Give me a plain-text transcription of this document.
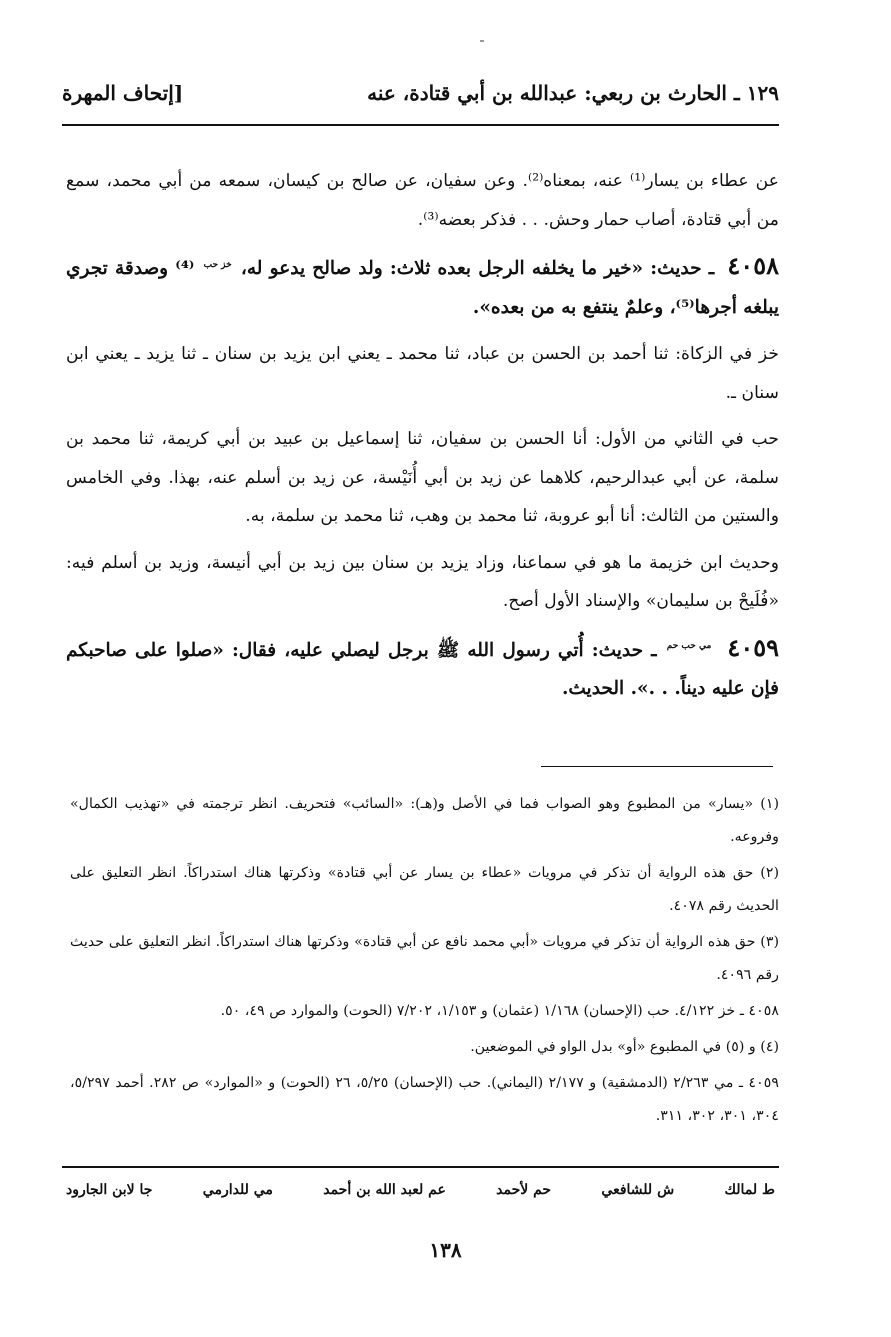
١٢٩ ـ الحارث بن ربعي: عبدالله بن أبي قتادة، عنه
[إتحاف المهرة

عن عطاء بن يسار⁽¹⁾ عنه، بمعناه⁽²⁾. وعن سفيان، عن صالح بن كيسان، سمعه من أبي محمد، سمع من أبي قتادة، أصاب حمار وحش. . . فذكر بعضه⁽³⁾.

٤٠٥٨ ـ حديث: «خير ما يخلفه الرجل بعده ثلاث: ولد صالح يدعو له، خز حب ⁽⁴⁾ وصدقة تجري يبلغه أجرها⁽⁵⁾، وعلمٌ ينتفع به من بعده».

خز في الزكاة: ثنا أحمد بن الحسن بن عباد، ثنا محمد ـ يعني ابن يزيد بن سنان ـ ثنا يزيد ـ يعني ابن سنان ـ.

حب في الثاني من الأول: أنا الحسن بن سفيان، ثنا إسماعيل بن عبيد بن أبي كريمة، ثنا محمد بن سلمة، عن أبي عبدالرحيم، كلاهما عن زيد بن أبي أُنَيْسة، عن زيد بن أسلم عنه، بهذا. وفي الخامس والستين من الثالث: أنا أبو عروبة، ثنا محمد بن وهب، ثنا محمد بن سلمة، به.

وحديث ابن خزيمة ما هو في سماعنا، وزاد يزيد بن سنان بين زيد بن أبي أنيسة، وزيد بن أسلم فيه: «فُلَيحْ بن سليمان» والإسناد الأول أصح.

٤٠٥٩ مي حب حم ـ حديث: أُتي رسول الله ﷺ برجل ليصلي عليه، فقال: «صلوا على صاحبكم فإن عليه ديناً. . .». الحديث.

(١) «يسار» من المطبوع وهو الصواب فما في الأصل و(هـ): «السائب» فتحريف. انظر ترجمته في «تهذيب الكمال» وفروعه.

(٢) حق هذه الرواية أن تذكر في مرويات «عطاء بن يسار عن أبي قتادة» وذكرتها هناك استدراكاً. انظر التعليق على الحديث رقم ٤٠٧٨.

(٣) حق هذه الرواية أن تذكر في مرويات «أبي محمد نافع عن أبي قتادة» وذكرتها هناك استدراكاً. انظر التعليق على حديث رقم ٤٠٩٦.

٤٠٥٨ ـ خز ٤/١٢٢. حب (الإحسان) ١/١٦٨ (عثمان) و ١/١٥٣، ٧/٢٠٢ (الحوت) والموارد ص ٤٩، ٥٠.

(٤) و (٥) في المطبوع «أو» بدل الواو في الموضعين.

٤٠٥٩ ـ مي ٢/٢٦٣ (الدمشقية) و ٢/١٧٧ (اليماني). حب (الإحسان) ٥/٢٥، ٢٦ (الحوت) و «الموارد» ص ٢٨٢. أحمد ٥/٢٩٧، ٣٠٤، ٣٠١، ٣٠٢، ٣١١.

ط لمالك
ش للشافعي
حم لأحمد
عم لعبد الله بن أحمد
مي للدارمي
جا لابن الجارود
١٣٨
